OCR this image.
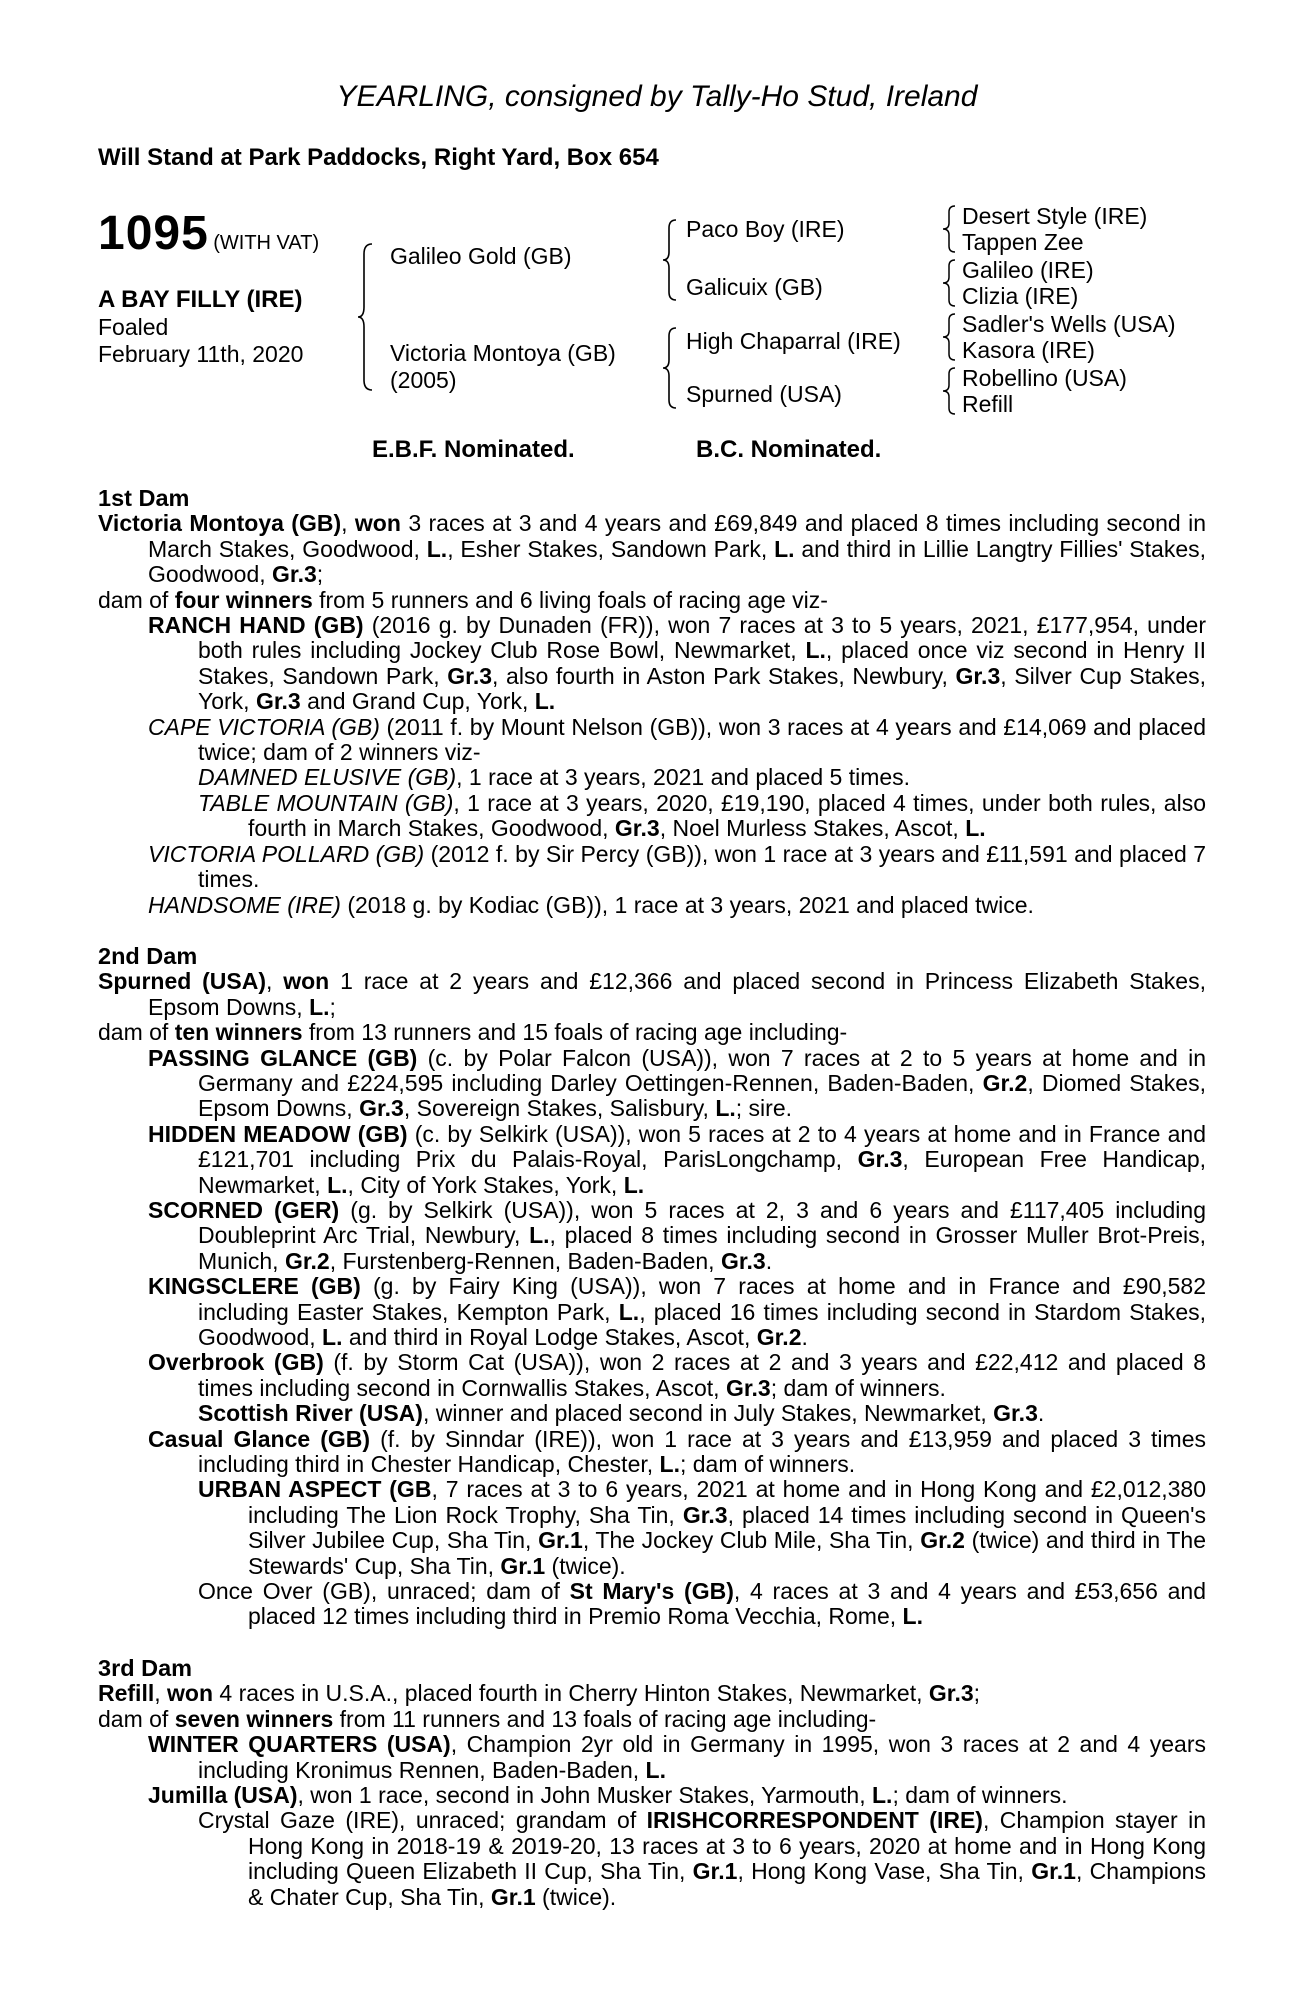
YEARLING, consigned by Tally-Ho Stud, Ireland
Will Stand at Park Paddocks, Right Yard, Box 654
1095 (WITH VAT)
A BAY FILLY (IRE)
Foaled
February 11th, 2020
Galileo Gold (GB)
Victoria Montoya (GB)
(2005)
Paco Boy (IRE)
Galicuix (GB)
High Chaparral (IRE)
Spurned (USA)
Desert Style (IRE)
Tappen Zee
Galileo (IRE)
Clizia (IRE)
Sadler's Wells (USA)
Kasora (IRE)
Robellino (USA)
Refill
E.B.F. Nominated.	B.C. Nominated.
1st Dam
Victoria Montoya (GB), won 3 races at 3 and 4 years and £69,849 and placed 8 times including second in March Stakes, Goodwood, L., Esher Stakes, Sandown Park, L. and third in Lillie Langtry Fillies' Stakes, Goodwood, Gr.3;
dam of four winners from 5 runners and 6 living foals of racing age viz-
RANCH HAND (GB) (2016 g. by Dunaden (FR)), won 7 races at 3 to 5 years, 2021, £177,954, under both rules including Jockey Club Rose Bowl, Newmarket, L., placed once viz second in Henry II Stakes, Sandown Park, Gr.3, also fourth in Aston Park Stakes, Newbury, Gr.3, Silver Cup Stakes, York, Gr.3 and Grand Cup, York, L.
CAPE VICTORIA (GB) (2011 f. by Mount Nelson (GB)), won 3 races at 4 years and £14,069 and placed twice; dam of 2 winners viz-
DAMNED ELUSIVE (GB), 1 race at 3 years, 2021 and placed 5 times.
TABLE MOUNTAIN (GB), 1 race at 3 years, 2020, £19,190, placed 4 times, under both rules, also fourth in March Stakes, Goodwood, Gr.3, Noel Murless Stakes, Ascot, L.
VICTORIA POLLARD (GB) (2012 f. by Sir Percy (GB)), won 1 race at 3 years and £11,591 and placed 7 times.
HANDSOME (IRE) (2018 g. by Kodiac (GB)), 1 race at 3 years, 2021 and placed twice.
2nd Dam
Spurned (USA), won 1 race at 2 years and £12,366 and placed second in Princess Elizabeth Stakes, Epsom Downs, L.;
dam of ten winners from 13 runners and 15 foals of racing age including-
PASSING GLANCE (GB) (c. by Polar Falcon (USA)), won 7 races at 2 to 5 years at home and in Germany and £224,595 including Darley Oettingen-Rennen, Baden-Baden, Gr.2, Diomed Stakes, Epsom Downs, Gr.3, Sovereign Stakes, Salisbury, L.; sire.
HIDDEN MEADOW (GB) (c. by Selkirk (USA)), won 5 races at 2 to 4 years at home and in France and £121,701 including Prix du Palais-Royal, ParisLongchamp, Gr.3, European Free Handicap, Newmarket, L., City of York Stakes, York, L.
SCORNED (GER) (g. by Selkirk (USA)), won 5 races at 2, 3 and 6 years and £117,405 including Doubleprint Arc Trial, Newbury, L., placed 8 times including second in Grosser Muller Brot-Preis, Munich, Gr.2, Furstenberg-Rennen, Baden-Baden, Gr.3.
KINGSCLERE (GB) (g. by Fairy King (USA)), won 7 races at home and in France and £90,582 including Easter Stakes, Kempton Park, L., placed 16 times including second in Stardom Stakes, Goodwood, L. and third in Royal Lodge Stakes, Ascot, Gr.2.
Overbrook (GB) (f. by Storm Cat (USA)), won 2 races at 2 and 3 years and £22,412 and placed 8 times including second in Cornwallis Stakes, Ascot, Gr.3; dam of winners.
Scottish River (USA), winner and placed second in July Stakes, Newmarket, Gr.3.
Casual Glance (GB) (f. by Sinndar (IRE)), won 1 race at 3 years and £13,959 and placed 3 times including third in Chester Handicap, Chester, L.; dam of winners.
URBAN ASPECT (GB, 7 races at 3 to 6 years, 2021 at home and in Hong Kong and £2,012,380 including The Lion Rock Trophy, Sha Tin, Gr.3, placed 14 times including second in Queen's Silver Jubilee Cup, Sha Tin, Gr.1, The Jockey Club Mile, Sha Tin, Gr.2 (twice) and third in The Stewards' Cup, Sha Tin, Gr.1 (twice).
Once Over (GB), unraced; dam of St Mary's (GB), 4 races at 3 and 4 years and £53,656 and placed 12 times including third in Premio Roma Vecchia, Rome, L.
3rd Dam
Refill, won 4 races in U.S.A., placed fourth in Cherry Hinton Stakes, Newmarket, Gr.3;
dam of seven winners from 11 runners and 13 foals of racing age including-
WINTER QUARTERS (USA), Champion 2yr old in Germany in 1995, won 3 races at 2 and 4 years including Kronimus Rennen, Baden-Baden, L.
Jumilla (USA), won 1 race, second in John Musker Stakes, Yarmouth, L.; dam of winners.
Crystal Gaze (IRE), unraced; grandam of IRISHCORRESPONDENT (IRE), Champion stayer in Hong Kong in 2018-19 & 2019-20, 13 races at 3 to 6 years, 2020 at home and in Hong Kong including Queen Elizabeth II Cup, Sha Tin, Gr.1, Hong Kong Vase, Sha Tin, Gr.1, Champions & Chater Cup, Sha Tin, Gr.1 (twice).
